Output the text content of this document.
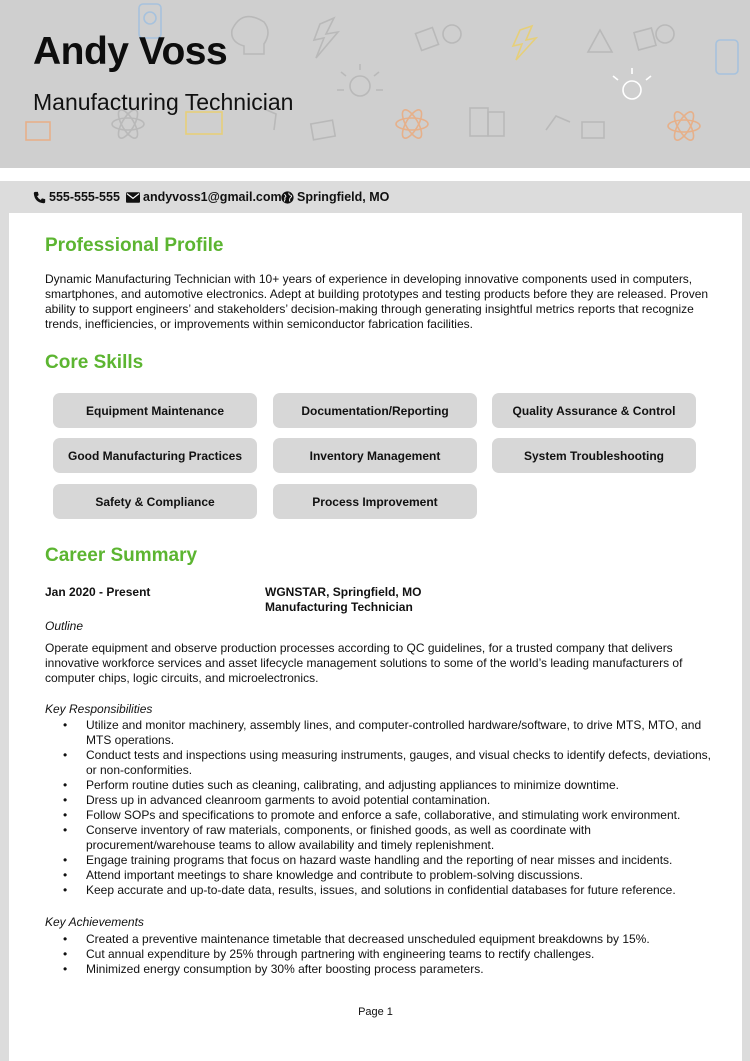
Andy Voss
Manufacturing Technician
555-555-555 andyvoss1@gmail.com Springfield, MO
Professional Profile
Dynamic Manufacturing Technician with 10+ years of experience in developing innovative components used in computers, smartphones, and automotive electronics. Adept at building prototypes and testing products before they are released. Proven ability to support engineers’ and stakeholders’ decision-making through generating insightful metrics reports that recognize trends, inefficiencies, or improvements within semiconductor fabrication facilities.
Core Skills
Equipment Maintenance	Documentation/Reporting	Quality Assurance & Control
Good Manufacturing Practices	Inventory Management	System Troubleshooting
Safety & Compliance	Process Improvement
Career Summary
Jan 2020 - Present	WGNSTAR, Springfield, MO
Manufacturing Technician
Outline
Operate equipment and observe production processes according to QC guidelines, for a trusted company that delivers innovative workforce services and asset lifecycle management solutions to some of the world’s leading manufacturers of computer chips, logic circuits, and microelectronics.
Key Responsibilities
• Utilize and monitor machinery, assembly lines, and computer-controlled hardware/software, to drive MTS, MTO, and MTS operations.
• Conduct tests and inspections using measuring instruments, gauges, and visual checks to identify defects, deviations, or non-conformities.
• Perform routine duties such as cleaning, calibrating, and adjusting appliances to minimize downtime.
• Dress up in advanced cleanroom garments to avoid potential contamination.
• Follow SOPs and specifications to promote and enforce a safe, collaborative, and stimulating work environment.
• Conserve inventory of raw materials, components, or finished goods, as well as coordinate with procurement/warehouse teams to allow availability and timely replenishment.
• Engage training programs that focus on hazard waste handling and the reporting of near misses and incidents.
• Attend important meetings to share knowledge and contribute to problem-solving discussions.
• Keep accurate and up-to-date data, results, issues, and solutions in confidential databases for future reference.
Key Achievements
• Created a preventive maintenance timetable that decreased unscheduled equipment breakdowns by 15%.
• Cut annual expenditure by 25% through partnering with engineering teams to rectify challenges.
• Minimized energy consumption by 30% after boosting process parameters.
Page 1
